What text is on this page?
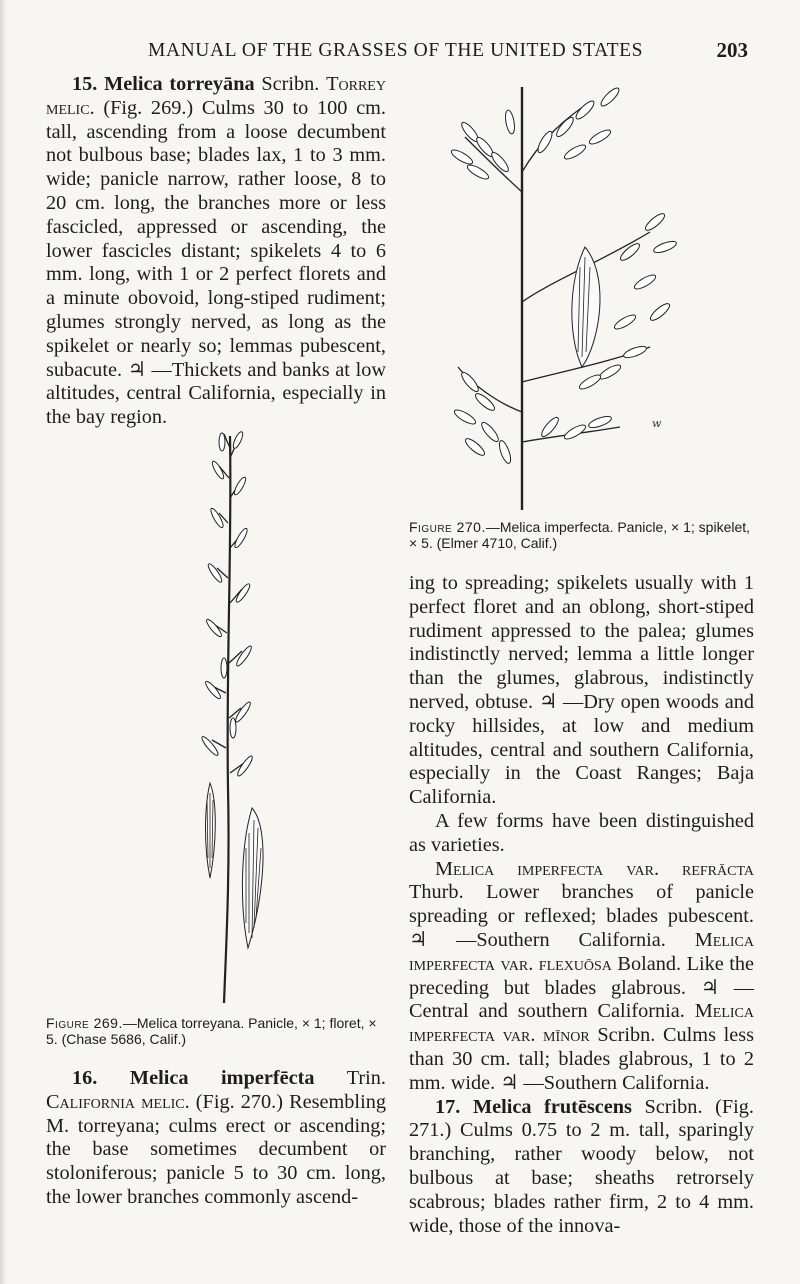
MANUAL OF THE GRASSES OF THE UNITED STATES	203

15. Melica torreyāna Scribn. Torrey melic. (Fig. 269.) Culms 30 to 100 cm. tall, ascending from a loose decumbent not bulbous base; blades lax, 1 to 3 mm. wide; panicle narrow, rather loose, 8 to 20 cm. long, the branches more or less fascicled, appressed or ascending, the lower fascicles distant; spikelets 4 to 6 mm. long, with 1 or 2 perfect florets and a minute obovoid, long-stiped rudiment; glumes strongly nerved, as long as the spikelet or nearly so; lemmas pubescent, subacute. ♃ —Thickets and banks at low altitudes, central California, especially in the bay region.

Figure 269.—Melica torreyana. Panicle, × 1; floret, × 5. (Chase 5686, Calif.)

16. Melica imperfēcta Trin. California melic. (Fig. 270.) Resembling M. torreyana; culms erect or ascending; the base sometimes decumbent or stoloniferous; panicle 5 to 30 cm. long, the lower branches commonly ascend-

w
Figure 270.—Melica imperfecta. Panicle, × 1; spikelet, × 5. (Elmer 4710, Calif.)

ing to spreading; spikelets usually with 1 perfect floret and an oblong, short-stiped rudiment appressed to the palea; glumes indistinctly nerved; lemma a little longer than the glumes, glabrous, indistinctly nerved, obtuse. ♃ —Dry open woods and rocky hillsides, at low and medium altitudes, central and southern California, especially in the Coast Ranges; Baja California.

A few forms have been distinguished as varieties.

Melica imperfecta var. refrācta Thurb. Lower branches of panicle spreading or reflexed; blades pubescent. ♃ —Southern California. Melica imperfecta var. flexuōsa Boland. Like the preceding but blades glabrous. ♃ —Central and southern California. Melica imperfecta var. mīnor Scribn. Culms less than 30 cm. tall; blades glabrous, 1 to 2 mm. wide. ♃ —Southern California.

17. Melica frutēscens Scribn. (Fig. 271.) Culms 0.75 to 2 m. tall, sparingly branching, rather woody below, not bulbous at base; sheaths retrorsely scabrous; blades rather firm, 2 to 4 mm. wide, those of the innova-
